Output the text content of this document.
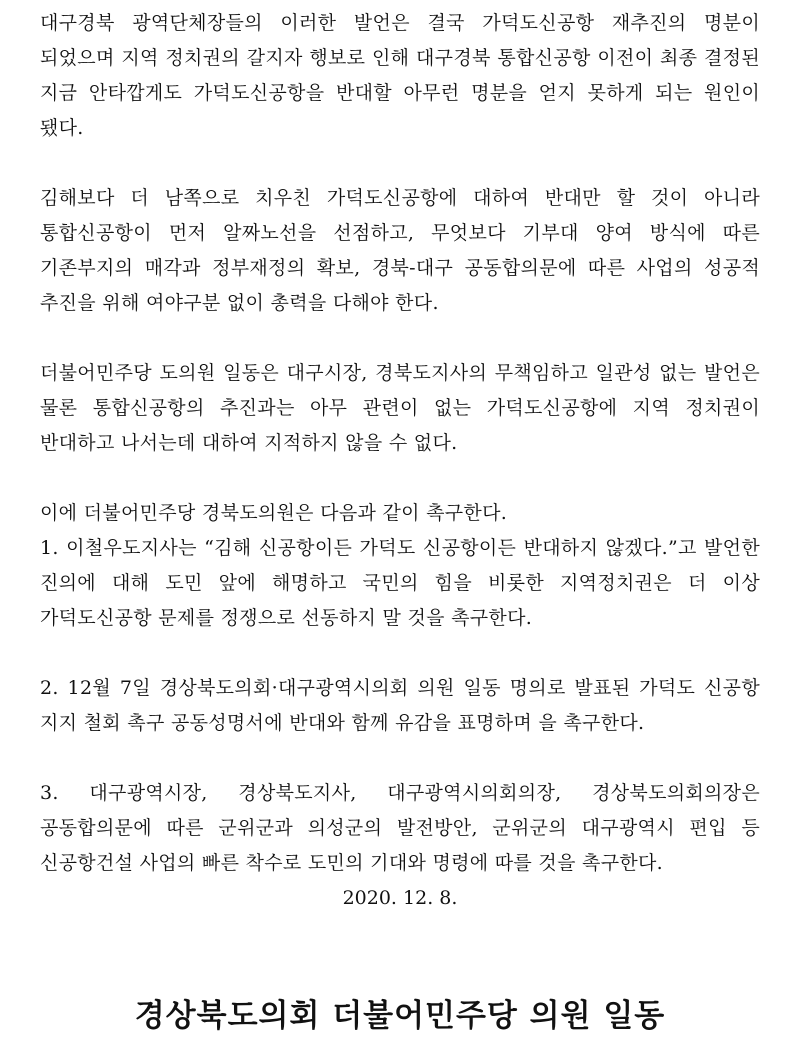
대구경북 광역단체장들의 이러한 발언은 결국 가덕도신공항 재추진의 명분이 되었으며 지역 정치권의 갈지자 행보로 인해 대구경북 통합신공항 이전이 최종 결정된 지금 안타깝게도 가덕도신공항을 반대할 아무런 명분을 얻지 못하게 되는 원인이 됐다.

김해보다 더 남쪽으로 치우친 가덕도신공항에 대하여 반대만 할 것이 아니라 통합신공항이 먼저 알짜노선을 선점하고, 무엇보다 기부대 양여 방식에 따른 기존부지의 매각과 정부재정의 확보, 경북-대구 공동합의문에 따른 사업의 성공적 추진을 위해 여야구분 없이 총력을 다해야 한다.

더불어민주당 도의원 일동은 대구시장, 경북도지사의 무책임하고 일관성 없는 발언은 물론 통합신공항의 추진과는 아무 관련이 없는 가덕도신공항에 지역 정치권이 반대하고 나서는데 대하여 지적하지 않을 수 없다.

이에 더불어민주당 경북도의원은 다음과 같이 촉구한다.

1. 이철우도지사는 “김해 신공항이든 가덕도 신공항이든 반대하지 않겠다.”고 발언한 진의에 대해 도민 앞에 해명하고 국민의 힘을 비롯한 지역정치권은 더 이상 가덕도신공항 문제를 정쟁으로 선동하지 말 것을 촉구한다.

2. 12월 7일 경상북도의회·대구광역시의회 의원 일동 명의로 발표된 가덕도 신공항 지지 철회 촉구 공동성명서에 반대와 함께 유감을 표명하며 을 촉구한다.

3. 대구광역시장, 경상북도지사, 대구광역시의회의장, 경상북도의회의장은 공동합의문에 따른 군위군과 의성군의 발전방안, 군위군의 대구광역시 편입 등 신공항건설 사업의 빠른 착수로 도민의 기대와 명령에 따를 것을 촉구한다.

2020. 12. 8.

경상북도의회 더불어민주당 의원 일동
